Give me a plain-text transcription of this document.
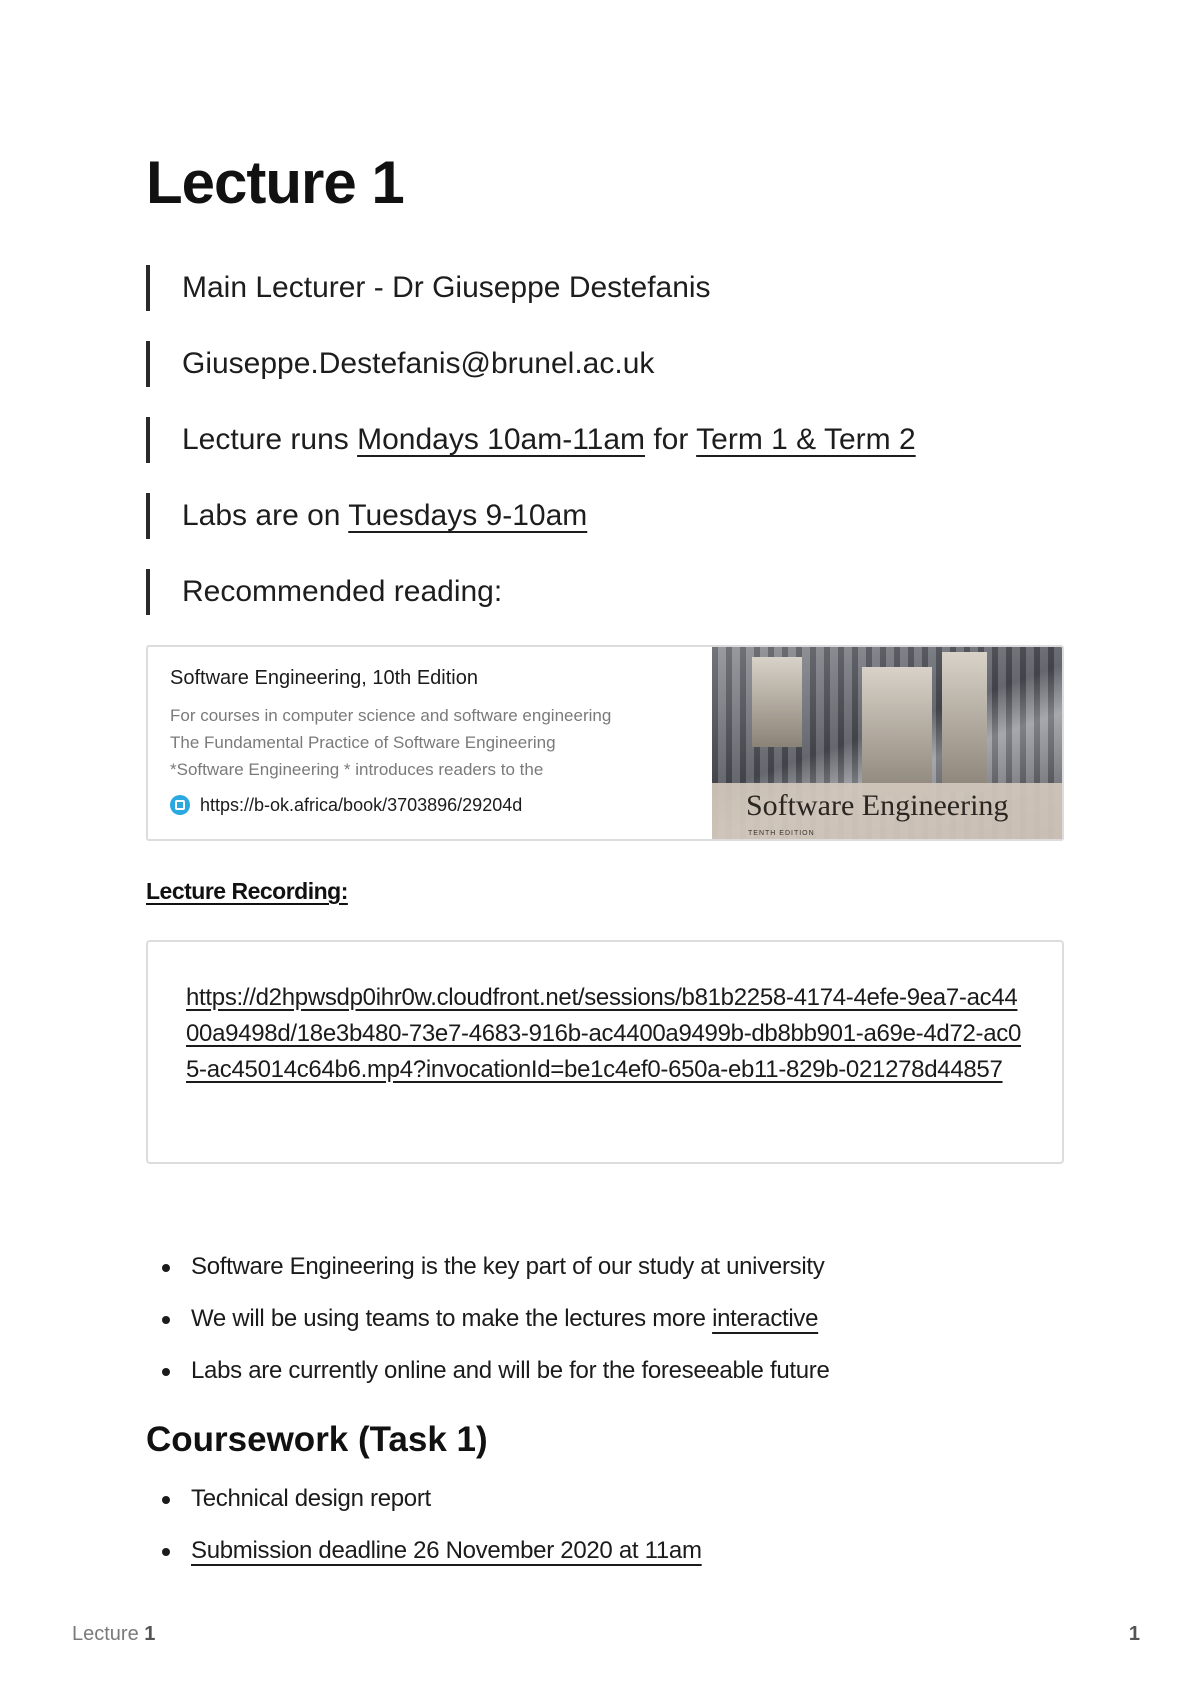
Lecture 1
Main Lecturer - Dr Giuseppe Destefanis
Giuseppe.Destefanis@brunel.ac.uk
Lecture runs Mondays 10am-11am for Term 1 & Term 2
Labs are on Tuesdays 9-10am
Recommended reading:
Software Engineering, 10th Edition
For courses in computer science and software engineering
The Fundamental Practice of Software Engineering
*Software Engineering * introduces readers to the
https://b-ok.africa/book/3703896/29204d	Software Engineering
TENTH EDITION
Lecture Recording:
https://d2hpwsdp0ihr0w.cloudfront.net/sessions/b81b2258-4174-4efe-9ea7-ac4400a9498d/18e3b480-73e7-4683-916b-ac4400a9499b-db8bb901-a69e-4d72-ac05-ac45014c64b6.mp4?invocationId=be1c4ef0-650a-eb11-829b-021278d44857
Software Engineering is the key part of our study at university
We will be using teams to make the lectures more interactive
Labs are currently online and will be for the foreseeable future
Coursework (Task 1)
Technical design report
Submission deadline 26 November 2020 at 11am
Lecture 1	1
